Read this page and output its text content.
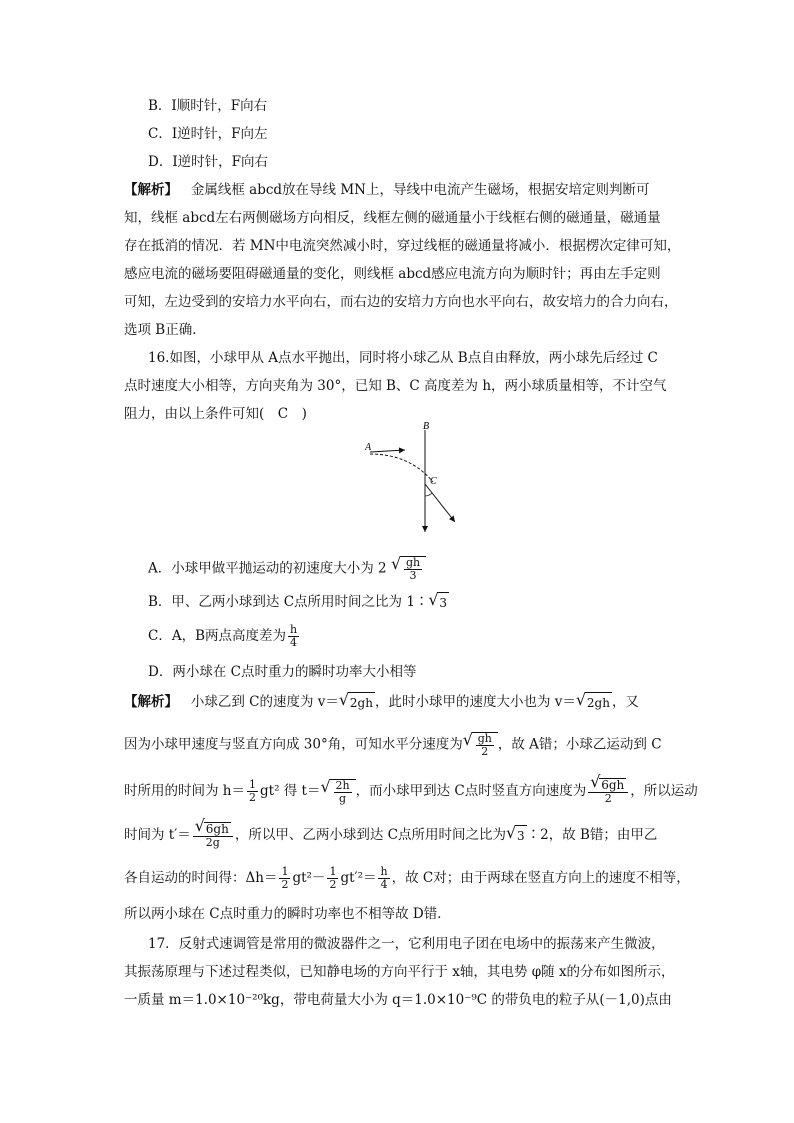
B．I顺时针，F向右
C．I逆时针，F向左
D．I逆时针，F向右
【解析】 金属线框 abcd放在导线 MN上，导线中电流产生磁场，根据安培定则判断可
知，线框 abcd左右两侧磁场方向相反，线框左侧的磁通量小于线框右侧的磁通量，磁通量
存在抵消的情况．若 MN中电流突然减小时，穿过线框的磁通量将减小．根据楞次定律可知，
感应电流的磁场要阻碍磁通量的变化，则线框 abcd感应电流方向为顺时针；再由左手定则
可知，左边受到的安培力水平向右，而右边的安培力方向也水平向右，故安培力的合力向右，
选项 B正确．
16.如图，小球甲从 A点水平抛出，同时将小球乙从 B点自由释放，两小球先后经过 C
点时速度大小相等，方向夹角为 30°，已知 B、C 高度差为 h，两小球质量相等，不计空气
阻力，由以上条件可知(　C　)
A
B
C
A．小球甲做平抛运动的初速度大小为 2 √ $\frac{gh}{3}$
B．甲、乙两小球到达 C点所用时间之比为 1∶ √ 3
C．A，B两点高度差为 $\frac{h}{4}$
D．两小球在 C点时重力的瞬时功率大小相等
【解析】 小球乙到 C的速度为 v＝ √ 2gh ，此时小球甲的速度大小也为 v＝ √ 2gh ，又
因为小球甲速度与竖直方向成 30°角，可知水平分速度为 √ $\frac{gh}{2}$ ，故 A错；小球乙运动到 C
时所用的时间为 $h= \frac{1}{2} gt^2$ 得 t＝ √ $\frac{2h}{g}$ ，而小球甲到达 C点时竖直方向速度为 √ $\frac{6gh}{2}$ ，所以运动
时间为 t′＝ √ $\frac{6gh}{2g}$ ，所以甲、乙两小球到达 C点所用时间之比为 √ 3 ∶2，故 B错；由甲乙
各自运动的时间得：$\Delta h= \frac{1}{2} gt^2- \frac{1}{2} gt'^2= \frac{h}{4}$ ，故 C对；由于两球在竖直方向上的速度不相等，
所以两小球在 C点时重力的瞬时功率也不相等故 D错．
17．反射式速调管是常用的微波器件之一，它利用电子团在电场中的振荡来产生微波，
其振荡原理与下述过程类似，已知静电场的方向平行于 x轴，其电势 φ随 x的分布如图所示，
一质量 m＝1.0×10⁻²⁰kg，带电荷量大小为 q＝1.0×10⁻⁹C 的带负电的粒子从(－1,0)点由
